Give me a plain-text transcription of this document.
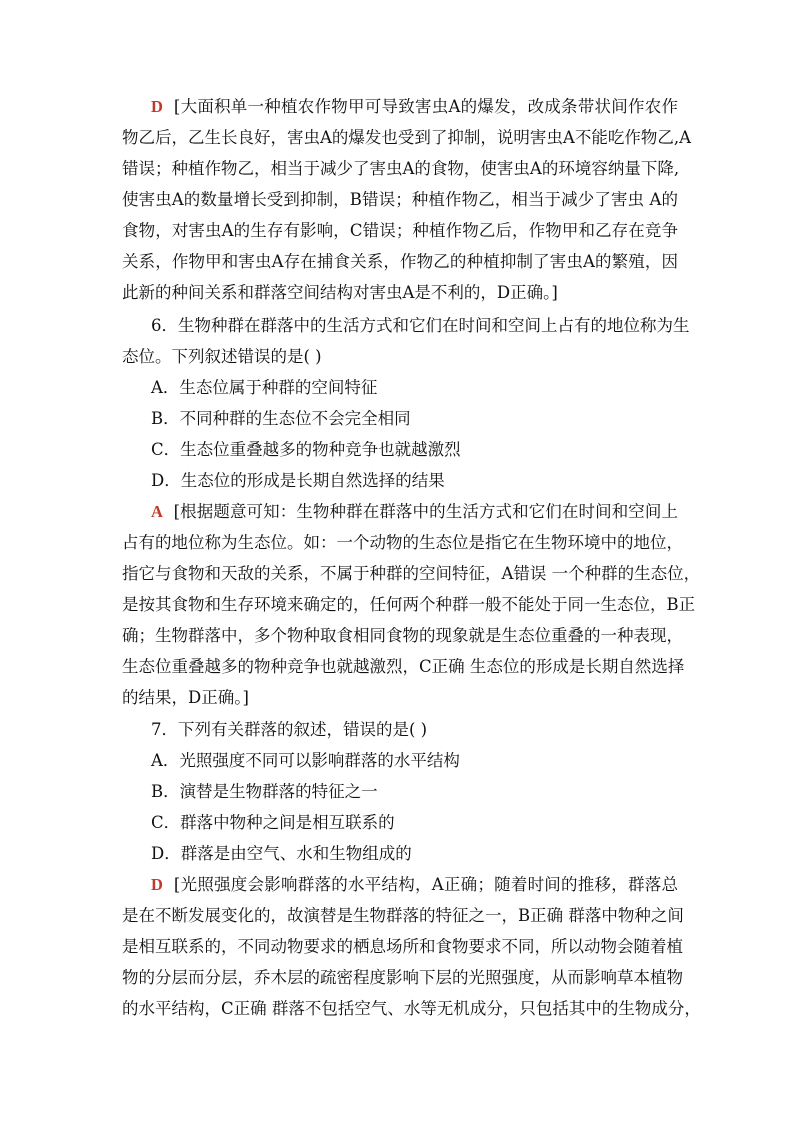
D [大面积单一种植农作物甲可导致害虫A的爆发，改成条带状间作农作
物乙后，乙生长良好，害虫A的爆发也受到了抑制，说明害虫A不能吃作物乙,A
错误；种植作物乙，相当于减少了害虫A的食物，使害虫A的环境容纳量下降,
使害虫A的数量增长受到抑制，B错误；种植作物乙，相当于减少了害虫 A的
食物，对害虫A的生存有影响，C错误；种植作物乙后，作物甲和乙存在竞争
关系，作物甲和害虫A存在捕食关系，作物乙的种植抑制了害虫A的繁殖，因
此新的种间关系和群落空间结构对害虫A是不利的，D正确。]
6．生物种群在群落中的生活方式和它们在时间和空间上占有的地位称为生
态位。下列叙述错误的是( )
A．生态位属于种群的空间特征
B．不同种群的生态位不会完全相同
C．生态位重叠越多的物种竞争也就越激烈
D．生态位的形成是长期自然选择的结果
A [根据题意可知：生物种群在群落中的生活方式和它们在时间和空间上
占有的地位称为生态位。如：一个动物的生态位是指它在生物环境中的地位，
指它与食物和天敌的关系，不属于种群的空间特征，A错误 一个种群的生态位，
是按其食物和生存环境来确定的，任何两个种群一般不能处于同一生态位，B正
确；生物群落中，多个物种取食相同食物的现象就是生态位重叠的一种表现，
生态位重叠越多的物种竞争也就越激烈，C正确 生态位的形成是长期自然选择
的结果，D正确。]
7．下列有关群落的叙述，错误的是( )
A．光照强度不同可以影响群落的水平结构
B．演替是生物群落的特征之一
C．群落中物种之间是相互联系的
D．群落是由空气、水和生物组成的
D [光照强度会影响群落的水平结构，A正确；随着时间的推移，群落总
是在不断发展变化的，故演替是生物群落的特征之一，B正确 群落中物种之间
是相互联系的，不同动物要求的栖息场所和食物要求不同，所以动物会随着植
物的分层而分层，乔木层的疏密程度影响下层的光照强度，从而影响草本植物
的水平结构，C正确 群落不包括空气、水等无机成分，只包括其中的生物成分，
